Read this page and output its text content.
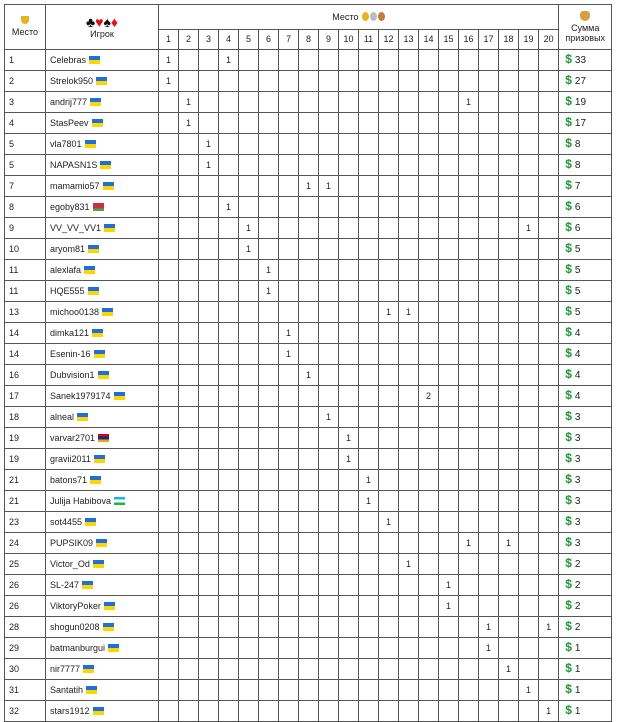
Место	♣♥♠♦
Игрок	Место																				Сумма
призовых
		1	2	3	4	5	6	7	8	9	10	11	12	13	14	15	16	17	18	19	20	
1	Celebras	1			1																	$ 33
2	Strelok950	1																				$ 27
3	andrij777		1														1					$ 19
4	StasPeev		1																			$ 17
5	vla7801			1																		$ 8
5	NAPASN1S			1																		$ 8
7	mamamio57								1	1												$ 7
8	egoby831				1																	$ 6
9	VV_VV_VV1					1														1		$ 6
10	aryom81					1																$ 5
11	alexlafa						1															$ 5
11	HQE555						1															$ 5
13	michoo0138												1	1								$ 5
14	dimka121							1														$ 4
14	Esenin-16							1														$ 4
16	Dubvision1								1													$ 4
17	Sanek1979174														2							$ 4
18	alneal									1												$ 3
19	varvar2701										1											$ 3
19	gravii2011										1											$ 3
21	batons71											1										$ 3
21	Julija Habibova											1										$ 3
23	sot4455												1									$ 3
24	PUPSIK09																1		1			$ 3
25	Victor_Od													1								$ 2
26	SL-247															1						$ 2
26	ViktoryPoker															1						$ 2
28	shogun0208																	1			1	$ 2
29	batmanburgui																	1				$ 1
30	nir7777																		1			$ 1
31	Santatih																			1		$ 1
32	stars1912																				1	$ 1
